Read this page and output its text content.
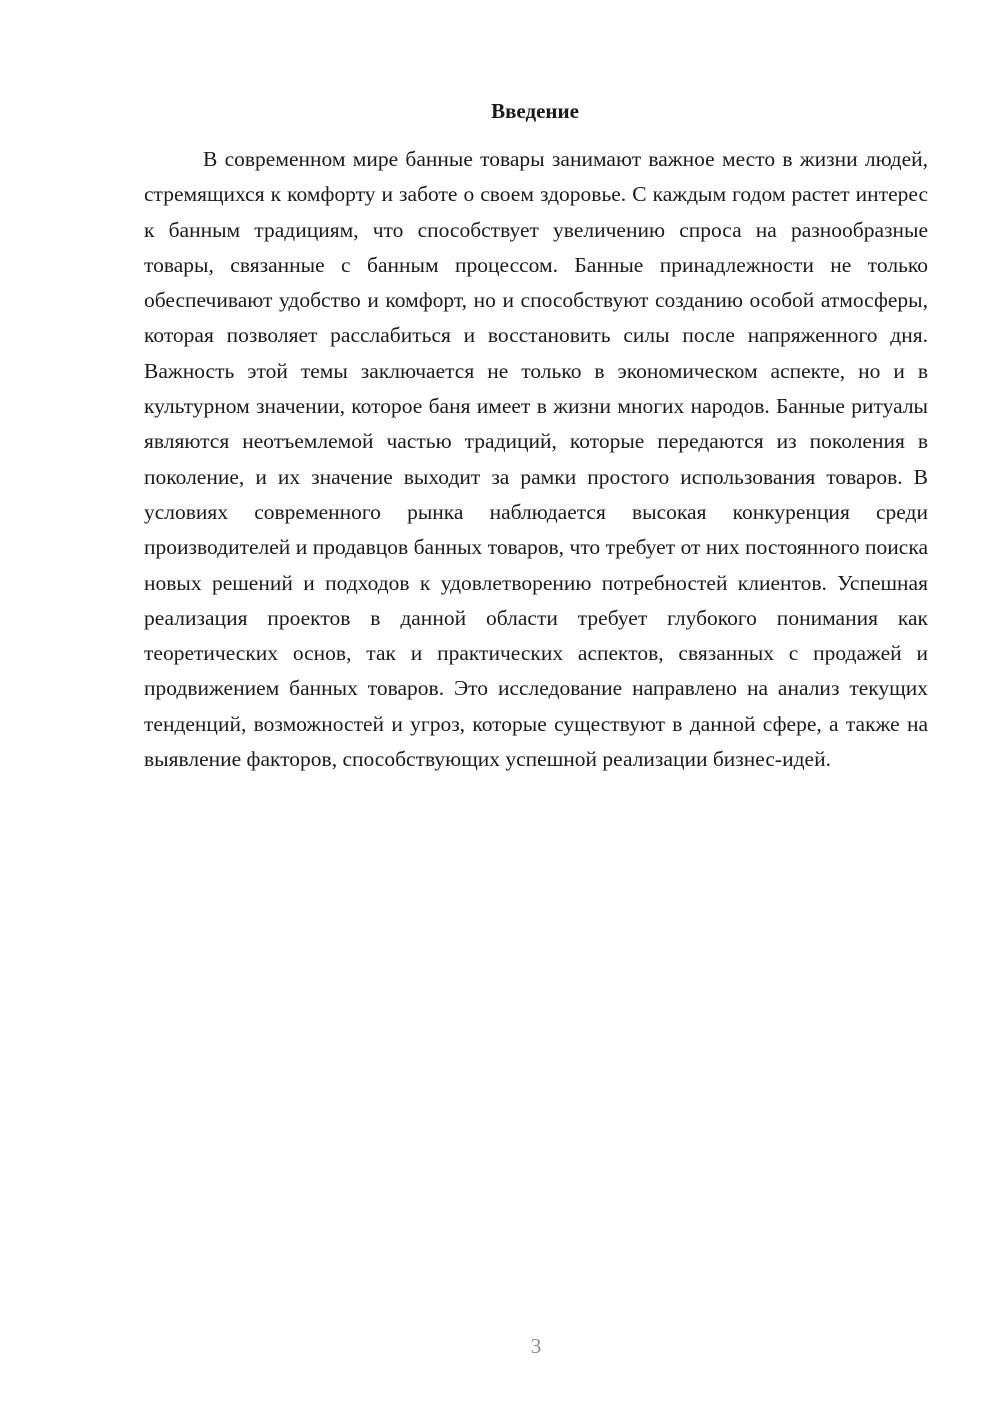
Введение

В современном мире банные товары занимают важное место в жизни людей, стремящихся к комфорту и заботе о своем здоровье. С каждым годом растет интерес к банным традициям, что способствует увеличению спроса на разнообразные товары, связанные с банным процессом. Банные принадлежности не только обеспечивают удобство и комфорт, но и способствуют созданию особой атмосферы, которая позволяет расслабиться и восстановить силы после напряженного дня. Важность этой темы заключается не только в экономическом аспекте, но и в культурном значении, которое баня имеет в жизни многих народов. Банные ритуалы являются неотъемлемой частью традиций, которые передаются из поколения в поколение, и их значение выходит за рамки простого использования товаров. В условиях современного рынка наблюдается высокая конкуренция среди производителей и продавцов банных товаров, что требует от них постоянного поиска новых решений и подходов к удовлетворению потребностей клиентов. Успешная реализация проектов в данной области требует глубокого понимания как теоретических основ, так и практических аспектов, связанных с продажей и продвижением банных товаров. Это исследование направлено на анализ текущих тенденций, возможностей и угроз, которые существуют в данной сфере, а также на выявление факторов, способствующих успешной реализации бизнес-идей.

3
